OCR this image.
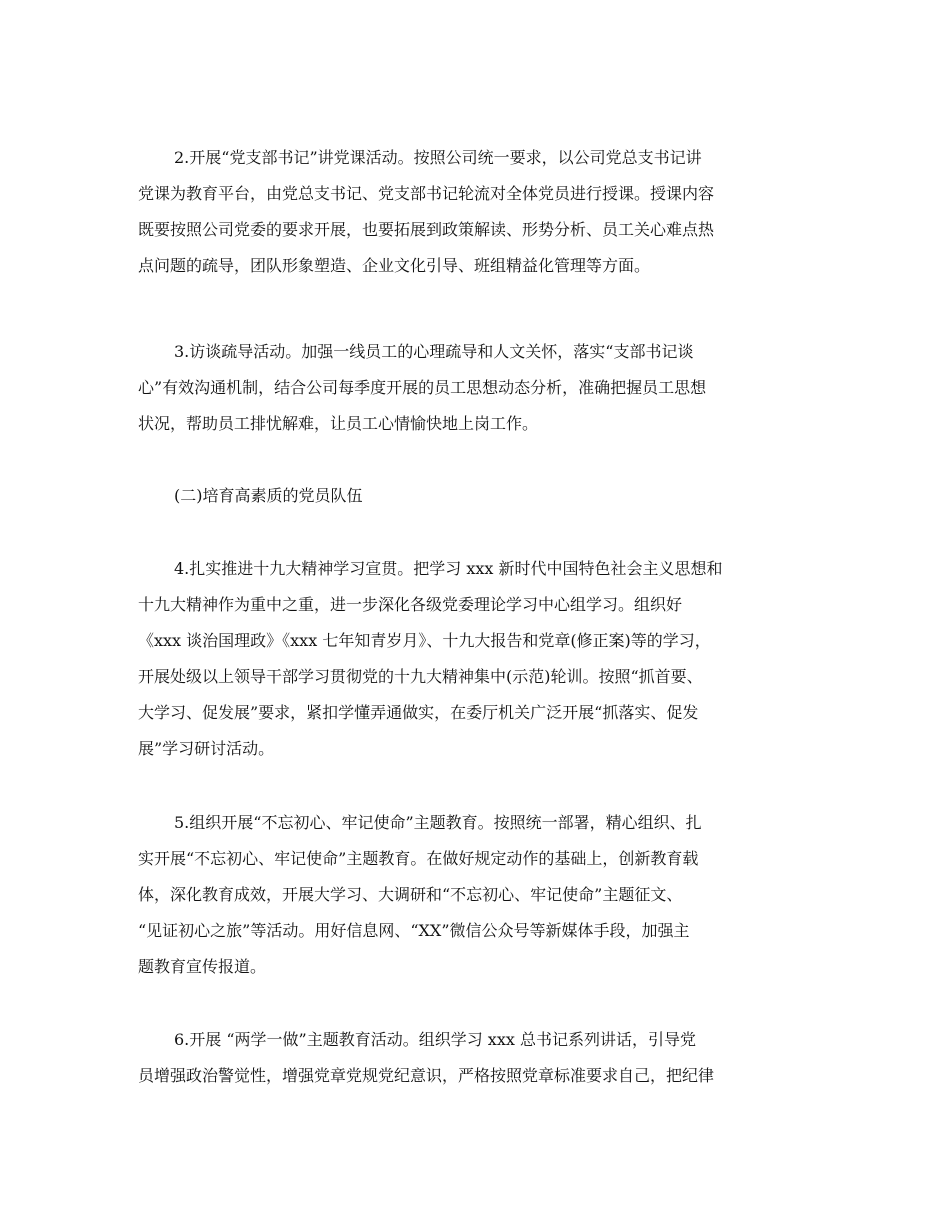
2.开展“党支部书记”讲党课活动。按照公司统一要求，以公司党总支书记讲
党课为教育平台，由党总支书记、党支部书记轮流对全体党员进行授课。授课内容
既要按照公司党委的要求开展，也要拓展到政策解读、形势分析、员工关心难点热
点问题的疏导，团队形象塑造、企业文化引导、班组精益化管理等方面。
3.访谈疏导活动。加强一线员工的心理疏导和人文关怀，落实“支部书记谈
心”有效沟通机制，结合公司每季度开展的员工思想动态分析，准确把握员工思想
状况，帮助员工排忧解难，让员工心情愉快地上岗工作。
(二)培育高素质的党员队伍
4.扎实推进十九大精神学习宣贯。把学习 xxx 新时代中国特色社会主义思想和
十九大精神作为重中之重，进一步深化各级党委理论学习中心组学习。组织好
《xxx 谈治国理政》《xxx 七年知青岁月》、十九大报告和党章(修正案)等的学习，
开展处级以上领导干部学习贯彻党的十九大精神集中(示范)轮训。按照“抓首要、
大学习、促发展”要求，紧扣学懂弄通做实，在委厅机关广泛开展“抓落实、促发
展”学习研讨活动。
5.组织开展“不忘初心、牢记使命”主题教育。按照统一部署，精心组织、扎
实开展“不忘初心、牢记使命”主题教育。在做好规定动作的基础上，创新教育载
体，深化教育成效，开展大学习、大调研和“不忘初心、牢记使命”主题征文、
“见证初心之旅”等活动。用好信息网、“XX”微信公众号等新媒体手段，加强主
题教育宣传报道。
6.开展 “两学一做”主题教育活动。组织学习 xxx 总书记系列讲话，引导党
员增强政治警觉性，增强党章党规党纪意识，严格按照党章标准要求自己，把纪律
